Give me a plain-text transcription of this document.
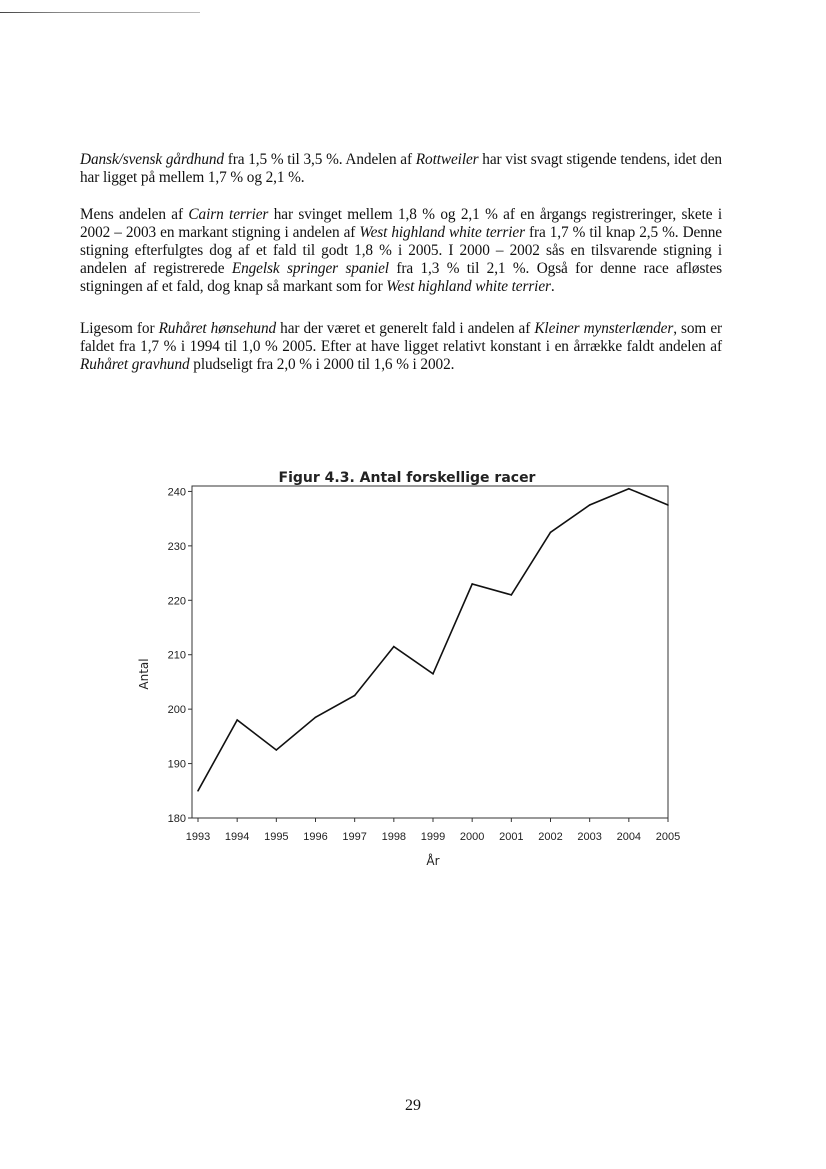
Dansk/svensk gårdhund fra 1,5 % til 3,5 %. Andelen af Rottweiler har vist svagt stigende tendens, idet den har ligget på mellem 1,7 % og 2,1 %.

Mens andelen af Cairn terrier har svinget mellem 1,8 % og 2,1 % af en årgangs registreringer, skete i 2002 – 2003 en markant stigning i andelen af West highland white terrier fra 1,7 % til knap 2,5 %. Denne stigning efterfulgtes dog af et fald til godt 1,8 % i 2005. I 2000 – 2002 sås en tilsvarende stigning i andelen af registrerede Engelsk springer spaniel fra 1,3 % til 2,1 %. Også for denne race afløstes stigningen af et fald, dog knap så markant som for West highland white terrier.

Ligesom for Ruhåret hønsehund har der været et generelt fald i andelen af Kleiner mynsterlænder, som er faldet fra 1,7 % i 1994 til 1,0 % 2005. Efter at have ligget relativt konstant i en årrække faldt andelen af Ruhåret gravhund pludseligt fra 2,0 % i 2000 til 1,6 % i 2002.

Figur 4.3. Antal forskellige racer
180
190
200
210
220
230
240
1993 1994 1995 1996 1997 1998 1999 2000 2001 2002 2003 2004 2005
År
Antal
29
